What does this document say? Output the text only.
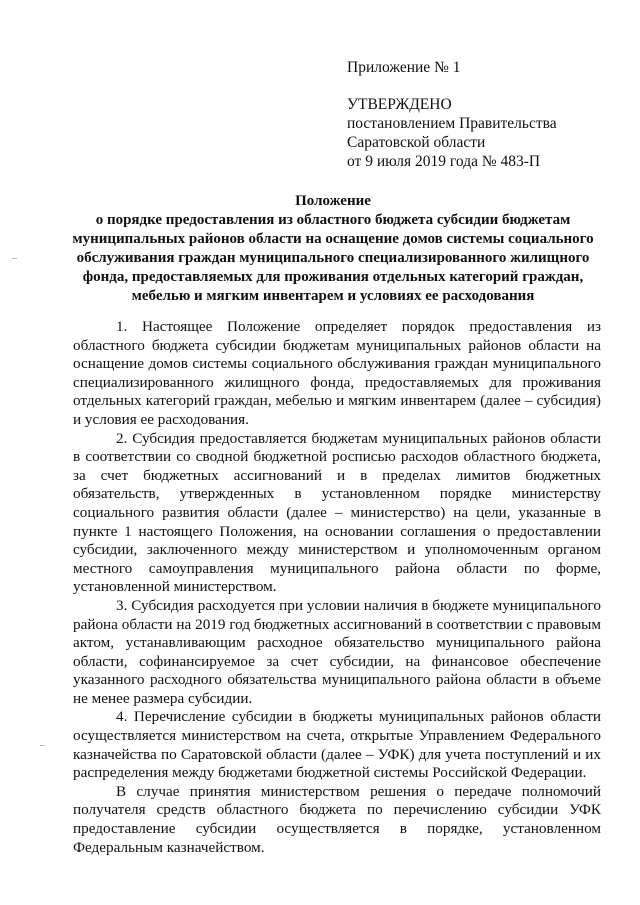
Приложение № 1
УТВЕРЖДЕНО
постановлением Правительства
Саратовской области
от 9 июля 2019 года № 483-П
Положение
о порядке предоставления из областного бюджета субсидии бюджетам муниципальных районов области на оснащение домов системы социального обслуживания граждан муниципального специализированного жилищного фонда, предоставляемых для проживания отдельных категорий граждан, мебелью и мягким инвентарем и условиях ее расходования

1. Настоящее Положение определяет порядок предоставления из областного бюджета субсидии бюджетам муниципальных районов области на оснащение домов системы социального обслуживания граждан муниципального специализированного жилищного фонда, предоставляемых для проживания отдельных категорий граждан, мебелью и мягким инвентарем (далее – субсидия) и условия ее расходования.

2. Субсидия предоставляется бюджетам муниципальных районов области в соответствии со сводной бюджетной росписью расходов областного бюджета, за счет бюджетных ассигнований и в пределах лимитов бюджетных обязательств, утвержденных в установленном порядке министерству социального развития области (далее – министерство) на цели, указанные в пункте 1 настоящего Положения, на основании соглашения о предоставлении субсидии, заключенного между министерством и уполномоченным органом местного самоуправления муниципального района области по форме, установленной министерством.

3. Субсидия расходуется при условии наличия в бюджете муниципального района области на 2019 год бюджетных ассигнований в соответствии с правовым актом, устанавливающим расходное обязательство муниципального района области, софинансируемое за счет субсидии, на финансовое обеспечение указанного расходного обязательства муниципального района области в объеме не менее размера субсидии.

4. Перечисление субсидии в бюджеты муниципальных районов области осуществляется министерством на счета, открытые Управлением Федерального казначейства по Саратовской области (далее – УФК) для учета поступлений и их распределения между бюджетами бюджетной системы Российской Федерации.

В случае принятия министерством решения о передаче полномочий получателя средств областного бюджета по перечислению субсидии УФК предоставление субсидии осуществляется в порядке, установленном Федеральным казначейством.
